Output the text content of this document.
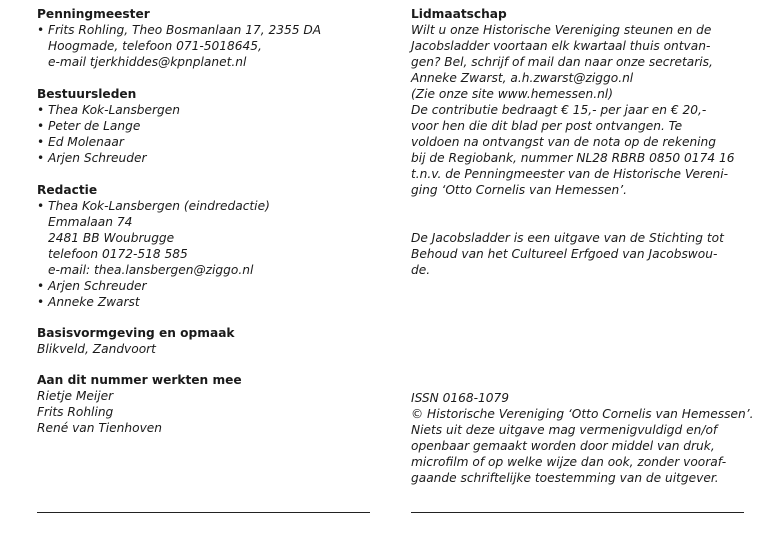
Penningmeester
• Frits Rohling, Theo Bosmanlaan 17, 2355 DA
Hoogmade, telefoon 071-5018645,
e-mail tjerkhiddes@kpnplanet.nl
Bestuursleden
• Thea Kok-Lansbergen
• Peter de Lange
• Ed Molenaar
• Arjen Schreuder
Redactie
• Thea Kok-Lansbergen (eindredactie)
Emmalaan 74
2481 BB Woubrugge
telefoon 0172-518 585
e-mail: thea.lansbergen@ziggo.nl
• Arjen Schreuder
• Anneke Zwarst
Basisvormgeving en opmaak
Blikveld, Zandvoort
Aan dit nummer werkten mee
Rietje Meijer
Frits Rohling
René van Tienhoven
Lidmaatschap
Wilt u onze Historische Vereniging steunen en de
Jacobsladder voortaan elk kwartaal thuis ontvan-
gen? Bel, schrijf of mail dan naar onze secretaris,
Anneke Zwarst, a.h.zwarst@ziggo.nl
(Zie onze site www.hemessen.nl)
De contributie bedraagt € 15,- per jaar en € 20,-
voor hen die dit blad per post ontvangen. Te
voldoen na ontvangst van de nota op de rekening
bij de Regiobank, nummer NL28 RBRB 0850 0174 16
t.n.v. de Penningmeester van de Historische Vereni-
ging ‘Otto Cornelis van Hemessen’.
De Jacobsladder is een uitgave van de Stichting tot
Behoud van het Cultureel Erfgoed van Jacobswou-
de.
ISSN 0168-1079
© Historische Vereniging ‘Otto Cornelis van Hemessen’.
Niets uit deze uitgave mag vermenigvuldigd en/of
openbaar gemaakt worden door middel van druk,
microfilm of op welke wijze dan ook, zonder vooraf-
gaande schriftelijke toestemming van de uitgever.
